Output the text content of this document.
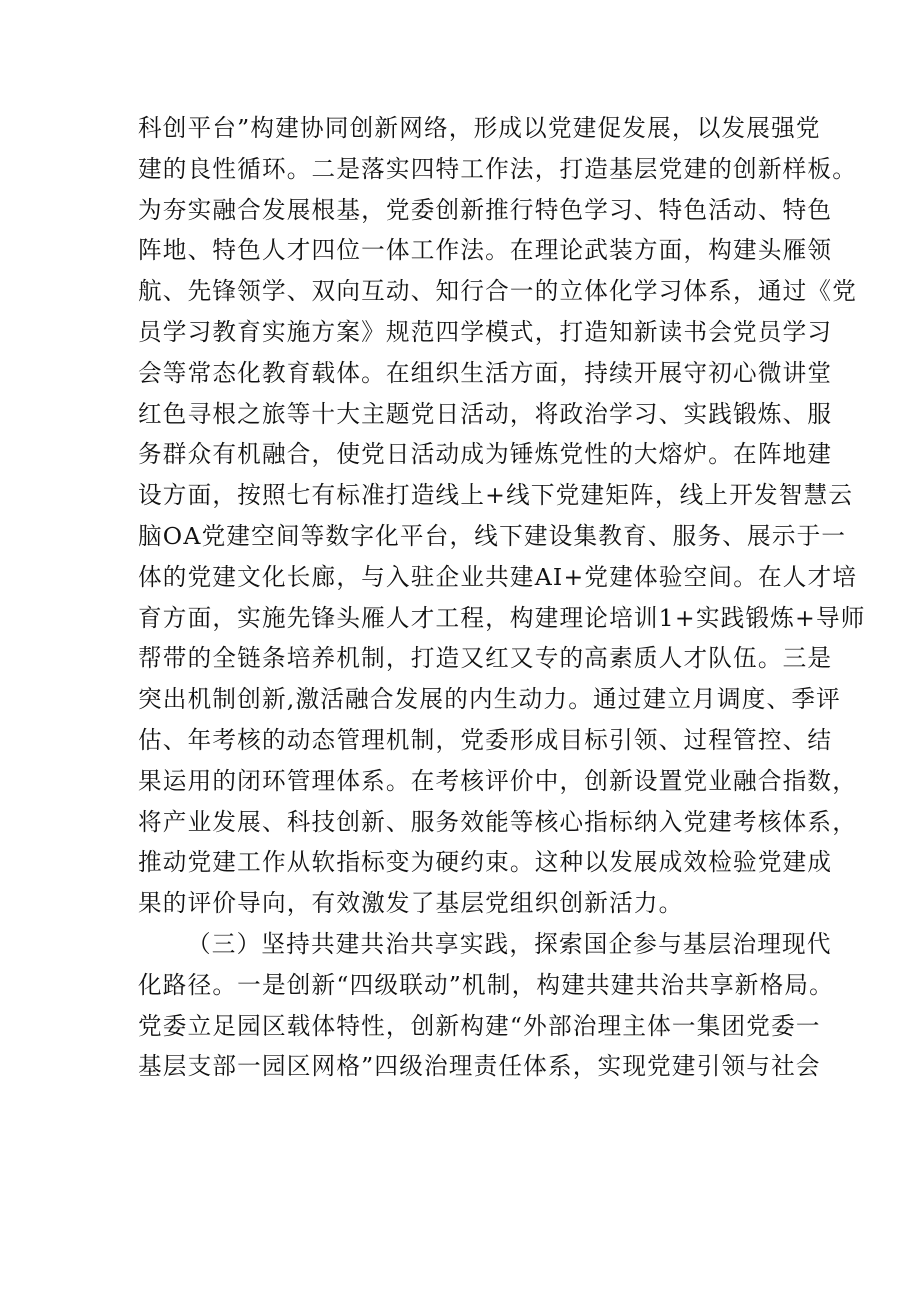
科创平台”构建协同创新网络，形成以党建促发展，以发展强党
建的良性循环。二是落实四特工作法，打造基层党建的创新样板。
为夯实融合发展根基，党委创新推行特色学习、特色活动、特色
阵地、特色人才四位一体工作法。在理论武装方面，构建头雁领
航、先锋领学、双向互动、知行合一的立体化学习体系，通过《党
员学习教育实施方案》规范四学模式，打造知新读书会党员学习
会等常态化教育载体。在组织生活方面，持续开展守初心微讲堂
红色寻根之旅等十大主题党日活动，将政治学习、实践锻炼、服
务群众有机融合，使党日活动成为锤炼党性的大熔炉。在阵地建
设方面，按照七有标准打造线上+线下党建矩阵，线上开发智慧云
脑OA党建空间等数字化平台，线下建设集教育、服务、展示于一
体的党建文化长廊，与入驻企业共建AI+党建体验空间。在人才培
育方面，实施先锋头雁人才工程，构建理论培训1+实践锻炼+导师
帮带的全链条培养机制，打造又红又专的高素质人才队伍。三是
突出机制创新,激活融合发展的内生动力。通过建立月调度、季评
估、年考核的动态管理机制，党委形成目标引领、过程管控、结
果运用的闭环管理体系。在考核评价中，创新设置党业融合指数，
将产业发展、科技创新、服务效能等核心指标纳入党建考核体系，
推动党建工作从软指标变为硬约束。这种以发展成效检验党建成
果的评价导向，有效激发了基层党组织创新活力。
（三）坚持共建共治共享实践，探索国企参与基层治理现代
化路径。一是创新“四级联动”机制，构建共建共治共享新格局。
党委立足园区载体特性，创新构建“外部治理主体一集团党委一
基层支部一园区网格”四级治理责任体系，实现党建引领与社会
